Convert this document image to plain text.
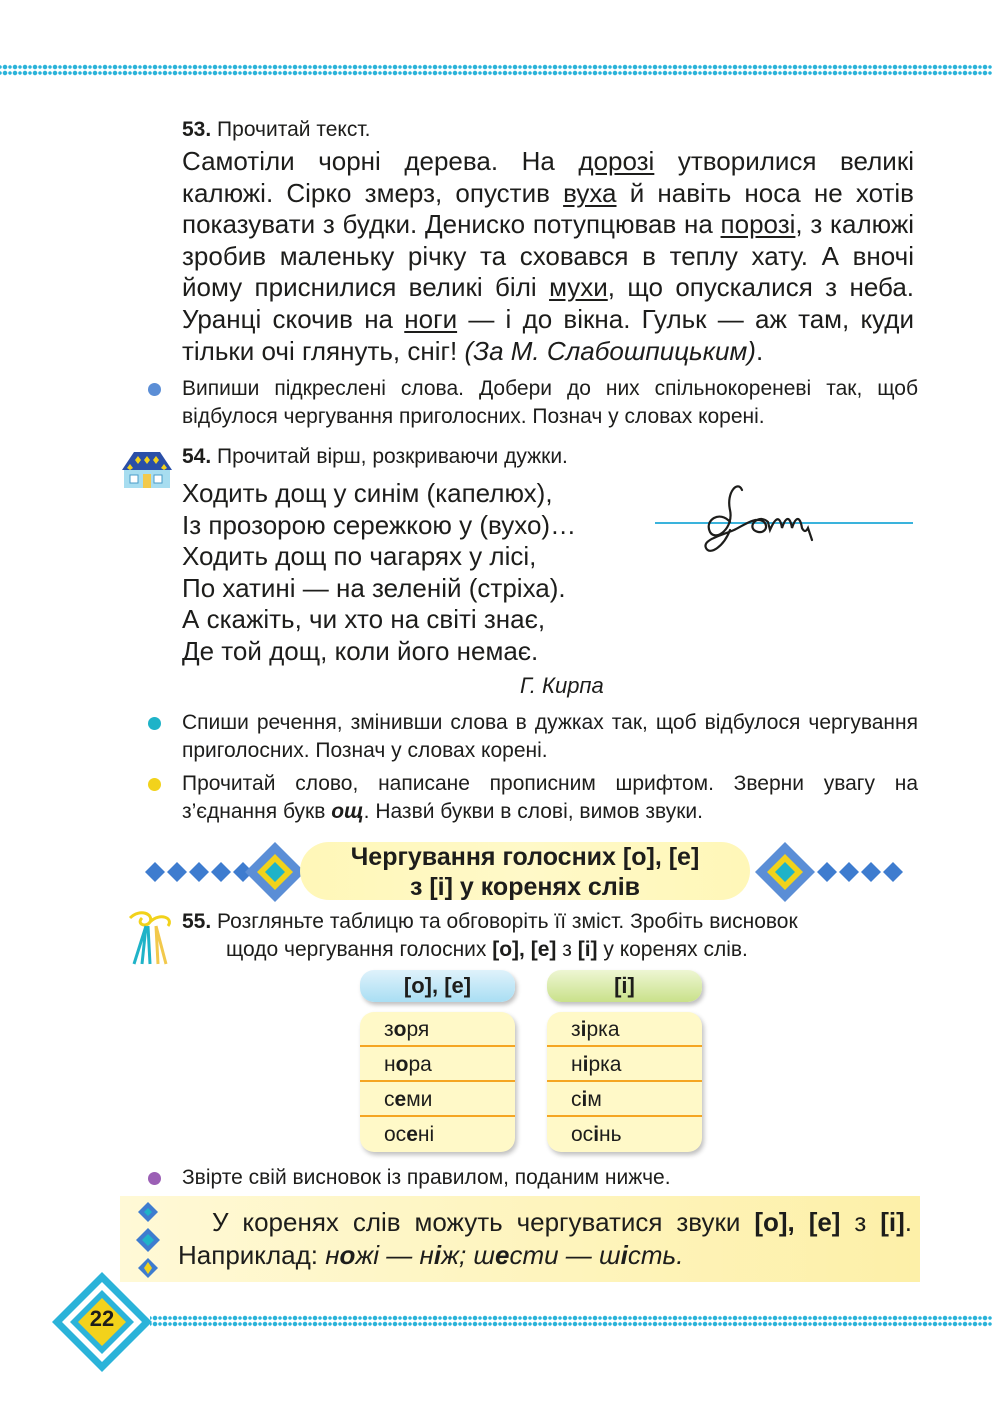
53. Прочитай текст.
Самотіли чорні дерева. На дорозі утворилися великі калюжі. Сірко змерз, опустив вуха й навіть носа не хотів показувати з будки. Дениско потупцював на порозі, з калюжі зробив маленьку річку та сховався в теплу хату. А вночі йому приснилися великі білі мухи, що опускалися з неба. Уранці скочив на ноги — і до вікна. Гульк — аж там, куди тільки очі глянуть, сніг! (За М. Слабошпицьким).
Випиши підкреслені слова. Добери до них спільнокореневі так, щоб відбулося чергування приголосних. Познач у словах корені.
54. Прочитай вірш, розкриваючи дужки.
Ходить дощ у синім (капелюх),
Із прозорою сережкою у (вухо)…
Ходить дощ по чагарях у лісі,
По хатині — на зеленій (стріха).
А скажіть, чи хто на світі знає,
Де той дощ, коли його немає.
Г. Кирпа
Спиши речення, змінивши слова в дужках так, щоб відбулося чергування приголосних. Познач у словах корені.
Прочитай слово, написане прописним шрифтом. Зверни увагу на з’єднання букв ощ. Назви́ букви в слові, вимов звуки.
Чергування голосних [о], [е]
з [і] у коренях слів
55. Розгляньте таблицю та обговоріть її зміст. Зробіть висновок
щодо чергування голосних [о], [е] з [і] у коренях слів.
[о], [е]	[і]
зоря
нора
семи
осені
зірка
нірка
сім
осінь
Звірте свій висновок із правилом, поданим нижче.
У коренях слів можуть чергуватися звуки [о], [е] з [і]. Наприклад: ножі — ніж; шести — шість.
22
